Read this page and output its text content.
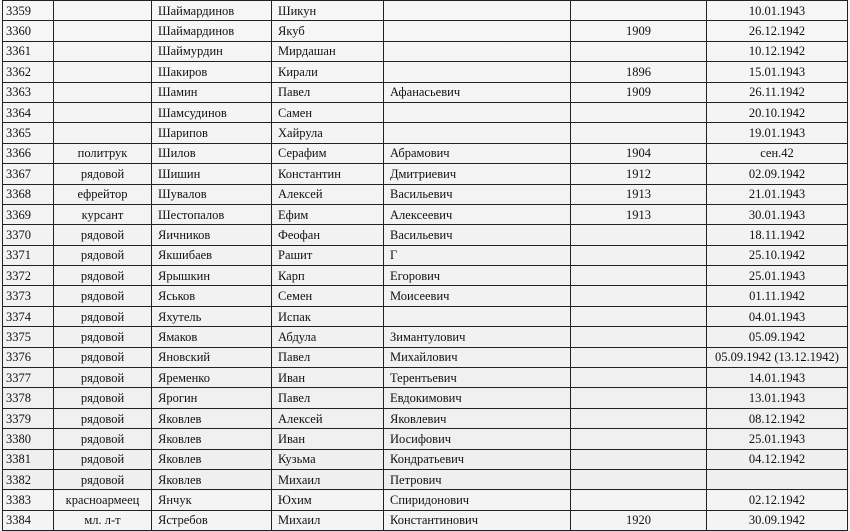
3359		Шаймардинов	Шикун			10.01.1943
3360		Шаймардинов	Якуб		1909	26.12.1942
3361		Шаймурдин	Мирдашан			10.12.1942
3362		Шакиров	Кирали		1896	15.01.1943
3363		Шамин	Павел	Афанасьевич	1909	26.11.1942
3364		Шамсудинов	Самен			20.10.1942
3365		Шарипов	Хайрула			19.01.1943
3366	политрук	Шилов	Серафим	Абрамович	1904	сен.42
3367	рядовой	Шишин	Константин	Дмитриевич	1912	02.09.1942
3368	ефрейтор	Шувалов	Алексей	Васильевич	1913	21.01.1943
3369	курсант	Шестопалов	Ефим	Алексеевич	1913	30.01.1943
3370	рядовой	Яичников	Феофан	Васильевич		18.11.1942
3371	рядовой	Якшибаев	Рашит	Г		25.10.1942
3372	рядовой	Ярышкин	Карп	Егорович		25.01.1943
3373	рядовой	Яськов	Семен	Моисеевич		01.11.1942
3374	рядовой	Яхутель	Испак			04.01.1943
3375	рядовой	Ямаков	Абдула	Зимантулович		05.09.1942
3376	рядовой	Яновский	Павел	Михайлович		05.09.1942 (13.12.1942)
3377	рядовой	Яременко	Иван	Терентьевич		14.01.1943
3378	рядовой	Ярогин	Павел	Евдокимович		13.01.1943
3379	рядовой	Яковлев	Алексей	Яковлевич		08.12.1942
3380	рядовой	Яковлев	Иван	Иосифович		25.01.1943
3381	рядовой	Яковлев	Кузьма	Кондратьевич		04.12.1942
3382	рядовой	Яковлев	Михаил	Петрович		
3383	красноармеец	Янчук	Юхим	Спиридонович		02.12.1942
3384	мл. л-т	Ястребов	Михаил	Константинович	1920	30.09.1942
